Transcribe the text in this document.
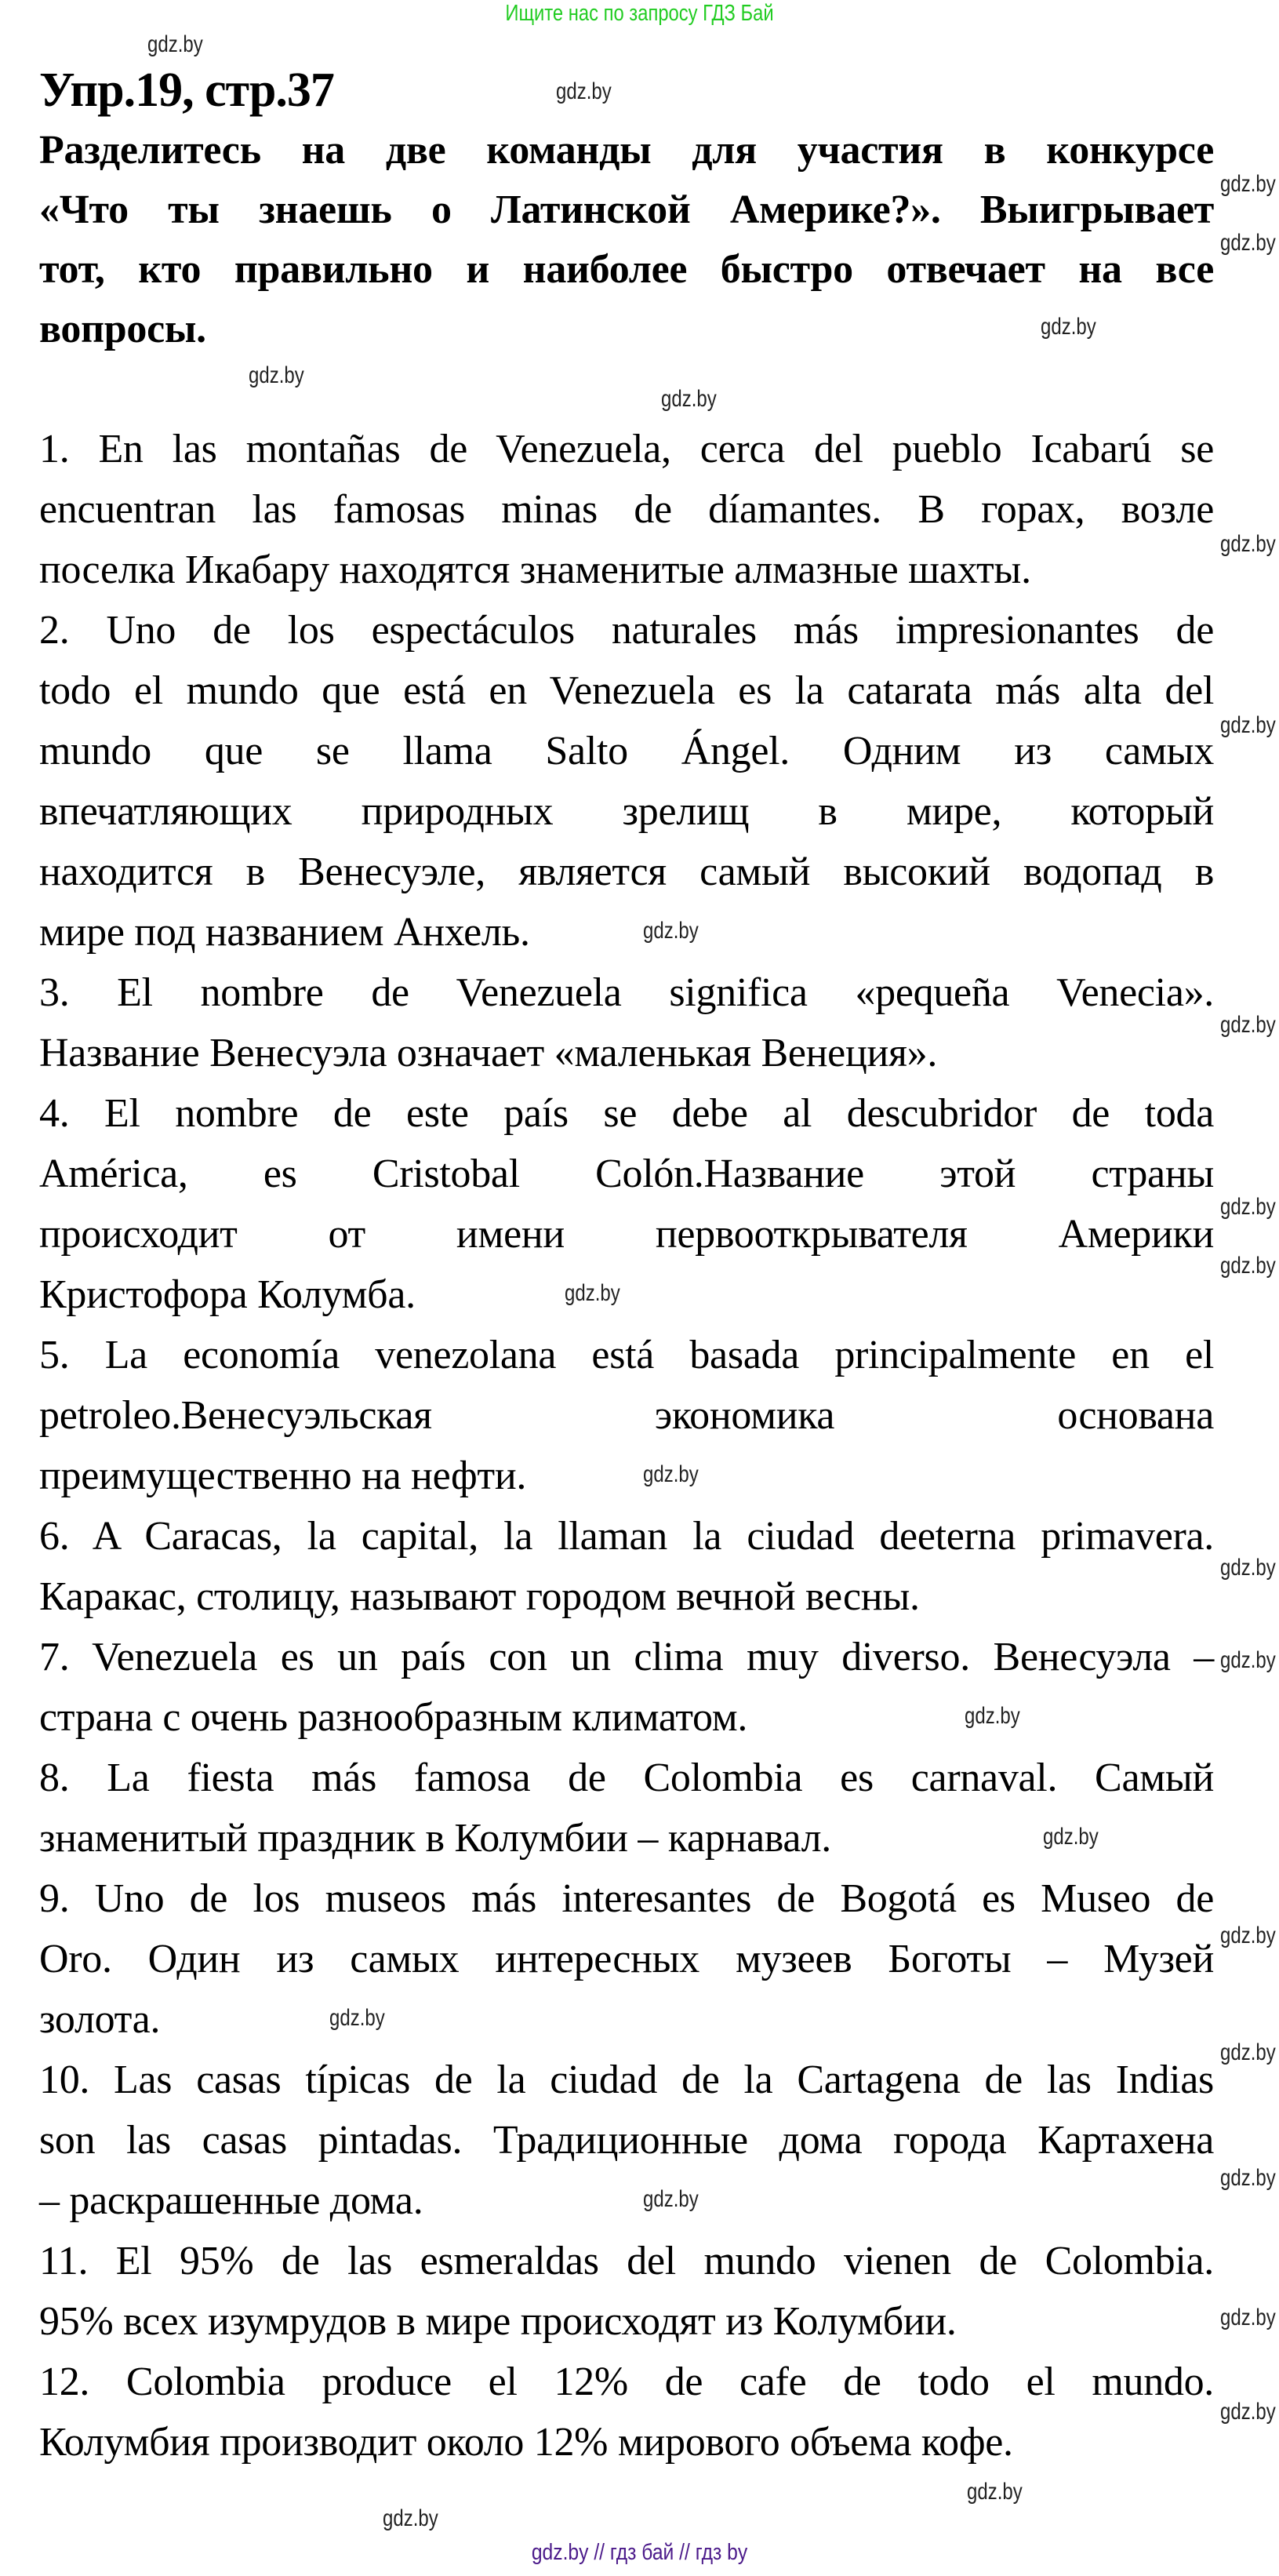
Ищите нас по запросу ГДЗ Бай
Упр.19, стр.37
Разделитесь на две команды для участия в конкурсе
«Что ты знаешь о Латинской Америке?». Выигрывает
тот, кто правильно и наиболее быстро отвечает на все
вопросы.
1. En las montañas de Venezuela, cerca del pueblo Icabarú se
encuentran las famosas minas de díamantes. В горах, возле
поселка Икабару находятся знаменитые алмазные шахты.
2. Uno de los espectáculos naturales más impresionantes de
todo el mundo que está en Venezuela es la catarata más alta del
mundo que se llama Salto Ángel. Одним из самых
впечатляющих природных зрелищ в мире, который
находится в Венесуэле, является самый высокий водопад в
мире под названием Анхель.
3. El nombre de Venezuela significa «pequeña Venecia».
Название Венесуэла означает «маленькая Венеция».
4. El nombre de este país se debe al descubridor de toda
América, es Cristobal Colón.Название этой страны
происходит от имени первооткрывателя Америки
Кристофора Колумба.
5. La economía venezolana está basada principalmente en el
petroleo.Венесуэльская экономика основана
преимущественно на нефти.
6. A Caracas, la capital, la llaman la ciudad deeterna primavera.
Каракас, столицу, называют городом вечной весны.
7. Venezuela es un país con un clima muy diverso. Венесуэла –
страна с очень разнообразным климатом.
8. La fiesta más famosa de Colombia es carnaval. Самый
знаменитый праздник в Колумбии – карнавал.
9. Uno de los museos más interesantes de Bogotá es Museo de
Oro. Один из самых интересных музеев Боготы – Музей
золота.
10. Las casas típicas de la ciudad de la Cartagena de las Indias
son las casas pintadas. Традиционные дома города Картахена
– раскрашенные дома.
11. El 95% de las esmeraldas del mundo vienen de Colombia.
95% всех изумрудов в мире происходят из Колумбии.
12. Colombia produce el 12% de cafe de todo el mundo.
Колумбия производит около 12% мирового объема кофе.
gdz.by // гдз бай // гдз by
gdz.by
gdz.by
gdz.by
gdz.by
gdz.by
gdz.by
gdz.by
gdz.by
gdz.by
gdz.by
gdz.by
gdz.by
gdz.by
gdz.by
gdz.by
gdz.by
gdz.by
gdz.by
gdz.by
gdz.by
gdz.by
gdz.by
gdz.by
gdz.by
gdz.by
gdz.by
gdz.by
gdz.by
